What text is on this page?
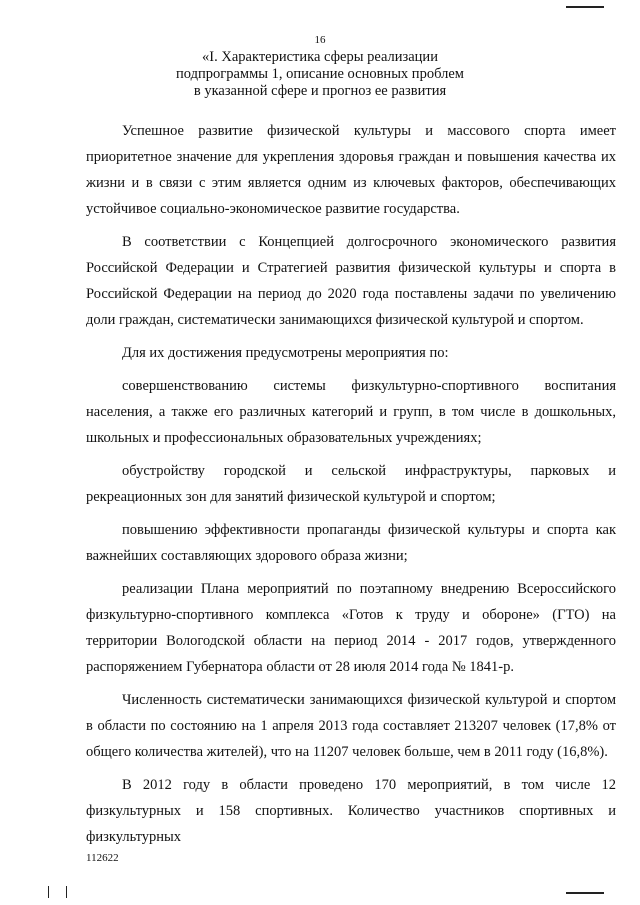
16
«I. Характеристика сферы реализации
подпрограммы 1, описание основных проблем
в указанной сфере и прогноз ее развития

Успешное развитие физической культуры и массового спорта имеет приоритетное значение для укрепления здоровья граждан и повышения качества их жизни и в связи с этим является одним из ключевых факторов, обеспечивающих устойчивое социально-экономическое развитие государства.

В соответствии с Концепцией долгосрочного экономического развития Российской Федерации и Стратегией развития физической культуры и спорта в Российской Федерации на период до 2020 года поставлены задачи по увеличению доли граждан, систематически занимающихся физической культурой и спортом.

Для их достижения предусмотрены мероприятия по:

совершенствованию системы физкультурно-спортивного воспитания населения, а также его различных категорий и групп, в том числе в дошкольных, школьных и профессиональных образовательных учреждениях;

обустройству городской и сельской инфраструктуры, парковых и рекреационных зон для занятий физической культурой и спортом;

повышению эффективности пропаганды физической культуры и спорта как важнейших составляющих здорового образа жизни;

реализации Плана мероприятий по поэтапному внедрению Всероссийского физкультурно-спортивного комплекса «Готов к труду и обороне» (ГТО) на территории Вологодской области на период 2014 - 2017 годов, утвержденного распоряжением Губернатора области от 28 июля 2014 года № 1841-р.

Численность систематически занимающихся физической культурой и спортом в области по состоянию на 1 апреля 2013 года составляет 213207 человек (17,8% от общего количества жителей), что на 11207 человек больше, чем в 2011 году (16,8%).

В 2012 году в области проведено 170 мероприятий, в том числе 12 физкультурных и 158 спортивных. Количество участников спортивных и физкультурных

112622
